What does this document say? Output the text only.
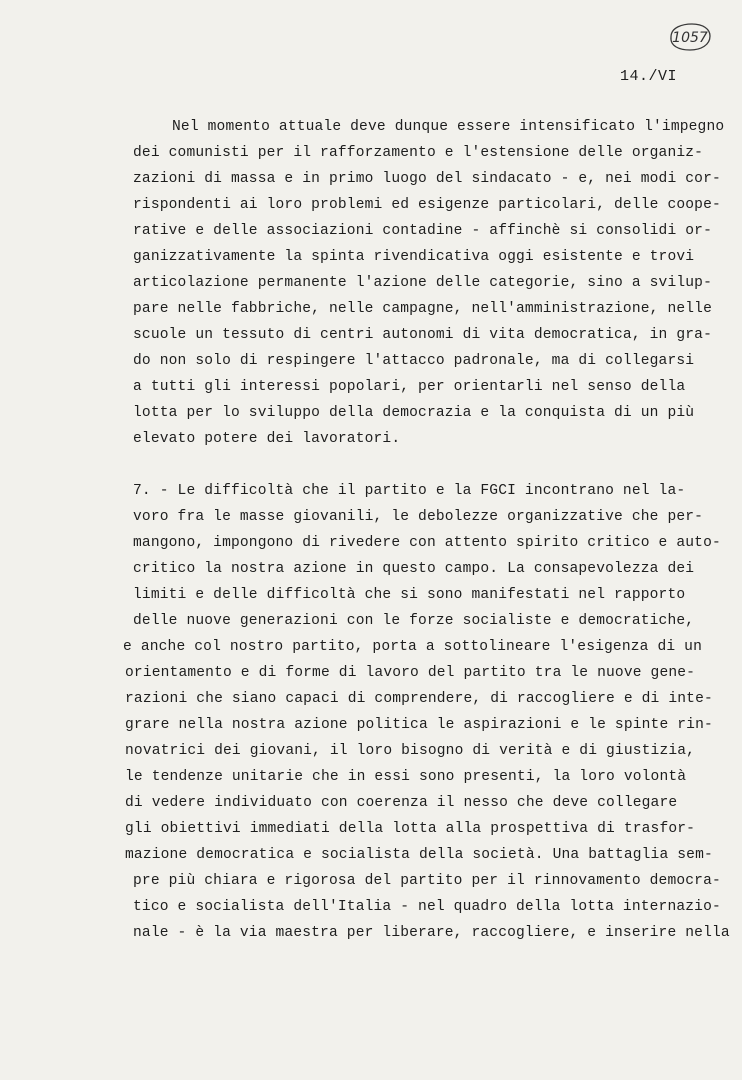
1057
14./VI
Nel momento attuale deve dunque essere intensificato l'impegno
dei comunisti per il rafforzamento e l'estensione delle organiz-
zazioni di massa e in primo luogo del sindacato - e, nei modi cor-
rispondenti ai loro problemi ed esigenze particolari, delle coope-
rative e delle associazioni contadine - affinchè si consolidi or-
ganizzativamente la spinta rivendicativa oggi esistente e trovi
articolazione permanente l'azione delle categorie, sino a svilup-
pare nelle fabbriche, nelle campagne, nell'amministrazione, nelle
scuole un tessuto di centri autonomi di vita democratica, in gra-
do non solo di respingere l'attacco padronale, ma di collegarsi
a tutti gli interessi popolari, per orientarli nel senso della
lotta per lo sviluppo della democrazia e la conquista di un più
elevato potere dei lavoratori.
7. - Le difficoltà che il partito e la FGCI incontrano nel la-
voro fra le masse giovanili, le debolezze organizzative che per-
mangono, impongono di rivedere con attento spirito critico e auto-
critico la nostra azione in questo campo. La consapevolezza dei
limiti e delle difficoltà che si sono manifestati nel rapporto
delle nuove generazioni con le forze socialiste e democratiche,
e anche col nostro partito, porta a sottolineare l'esigenza di un
orientamento e di forme di lavoro del partito tra le nuove gene-
razioni che siano capaci di comprendere, di raccogliere e di inte-
grare nella nostra azione politica le aspirazioni e le spinte rin-
novatrici dei giovani, il loro bisogno di verità e di giustizia,
le tendenze unitarie che in essi sono presenti, la loro volontà
di vedere individuato con coerenza il nesso che deve collegare
gli obiettivi immediati della lotta alla prospettiva di trasfor-
mazione democratica e socialista della società. Una battaglia sem-
pre più chiara e rigorosa del partito per il rinnovamento democra-
tico e socialista dell'Italia - nel quadro della lotta internazio-
nale - è la via maestra per liberare, raccogliere, e inserire nella
